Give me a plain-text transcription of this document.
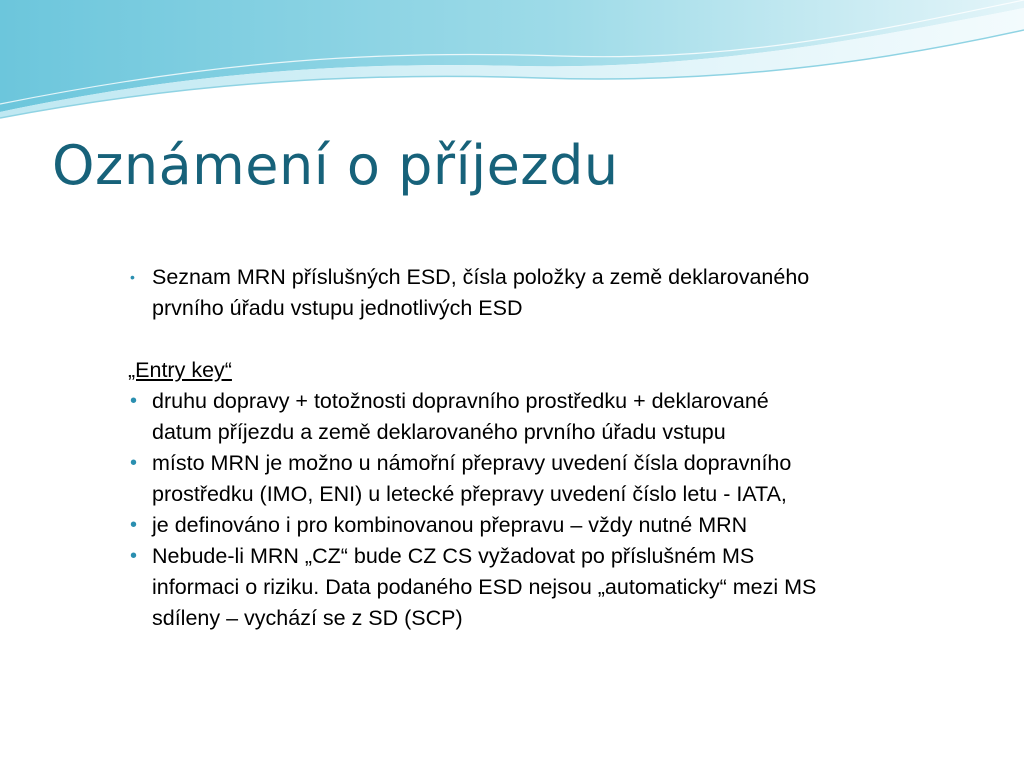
Oznámení o příjezdu
• Seznam MRN příslušných ESD, čísla položky a země deklarovaného
prvního úřadu vstupu jednotlivých ESD
„Entry key“
• druhu dopravy + totožnosti dopravního prostředku + deklarované
datum příjezdu a země deklarovaného prvního úřadu vstupu
• místo MRN je možno u námořní přepravy uvedení čísla dopravního
prostředku (IMO, ENI) u letecké přepravy uvedení číslo letu - IATA,
• je definováno i pro kombinovanou přepravu – vždy nutné MRN
• Nebude-li MRN „CZ“ bude CZ CS vyžadovat po příslušném MS
informaci o riziku. Data podaného ESD nejsou „automaticky“ mezi MS
sdíleny – vychází se z SD (SCP)
